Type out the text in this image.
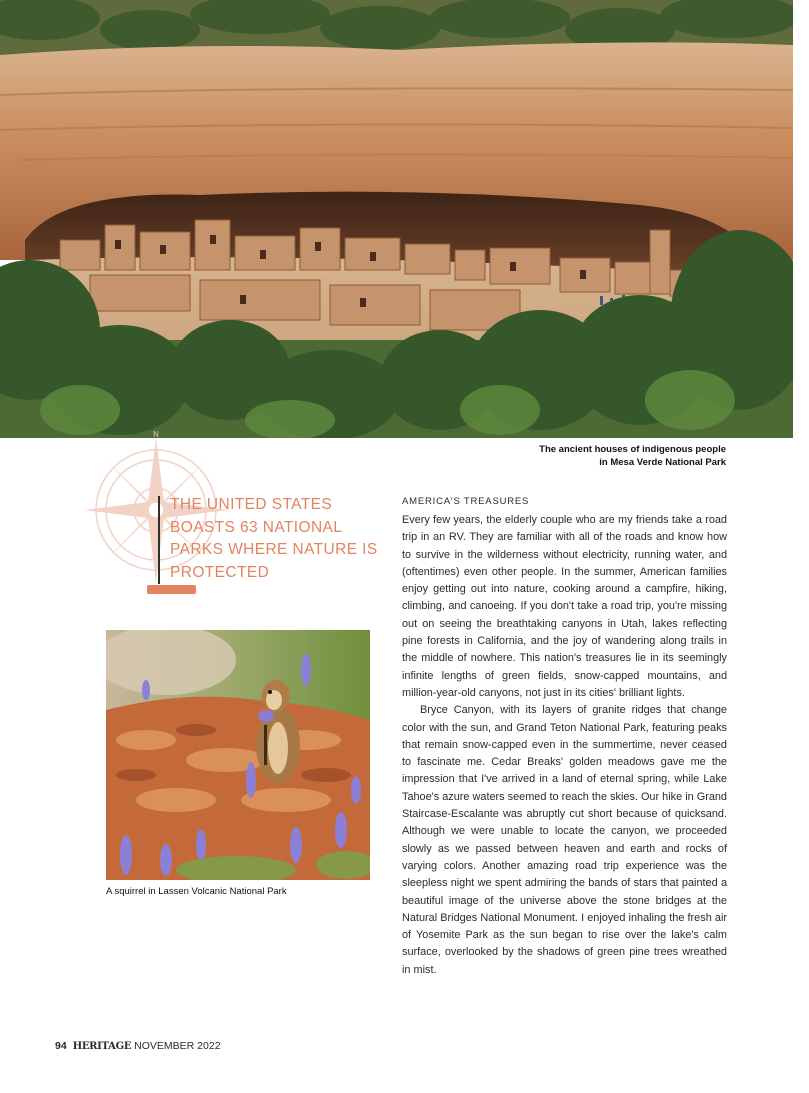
The ancient houses of indigenous people
in Mesa Verde National Park
N
THE UNITED STATES BOASTS 63 NATIONAL PARKS WHERE NATURE IS PROTECTED
A squirrel in Lassen Volcanic National Park
AMERICA'S TREASURES

Every few years, the elderly couple who are my friends take a road trip in an RV. They are familiar with all of the roads and know how to survive in the wilderness without electricity, running water, and (oftentimes) even other people. In the summer, American families enjoy getting out into nature, cooking around a campfire, hiking, climbing, and canoeing. If you don't take a road trip, you're missing out on seeing the breathtaking canyons in Utah, lakes reflecting pine forests in California, and the joy of wandering along trails in the middle of nowhere. This nation's treasures lie in its seemingly infinite lengths of green fields, snow-capped mountains, and million-year-old canyons, not just in its cities' brilliant lights.

Bryce Canyon, with its layers of granite ridges that change color with the sun, and Grand Teton National Park, featuring peaks that remain snow-capped even in the summertime, never ceased to fascinate me. Cedar Breaks' golden meadows gave me the impression that I've arrived in a land of eternal spring, while Lake Tahoe's azure waters seemed to reach the skies. Our hike in Grand Staircase-Escalante was abruptly cut short because of quicksand. Although we were unable to locate the canyon, we proceeded slowly as we passed between heaven and earth and rocks of varying colors. Another amazing road trip experience was the sleepless night we spent admiring the bands of stars that painted a beautiful image of the universe above the stone bridges at the Natural Bridges National Monument. I enjoyed inhaling the fresh air of Yosemite Park as the sun began to rise over the lake's calm surface, overlooked by the shadows of green pine trees wreathed in mist.

94 HERITAGE NOVEMBER 2022
